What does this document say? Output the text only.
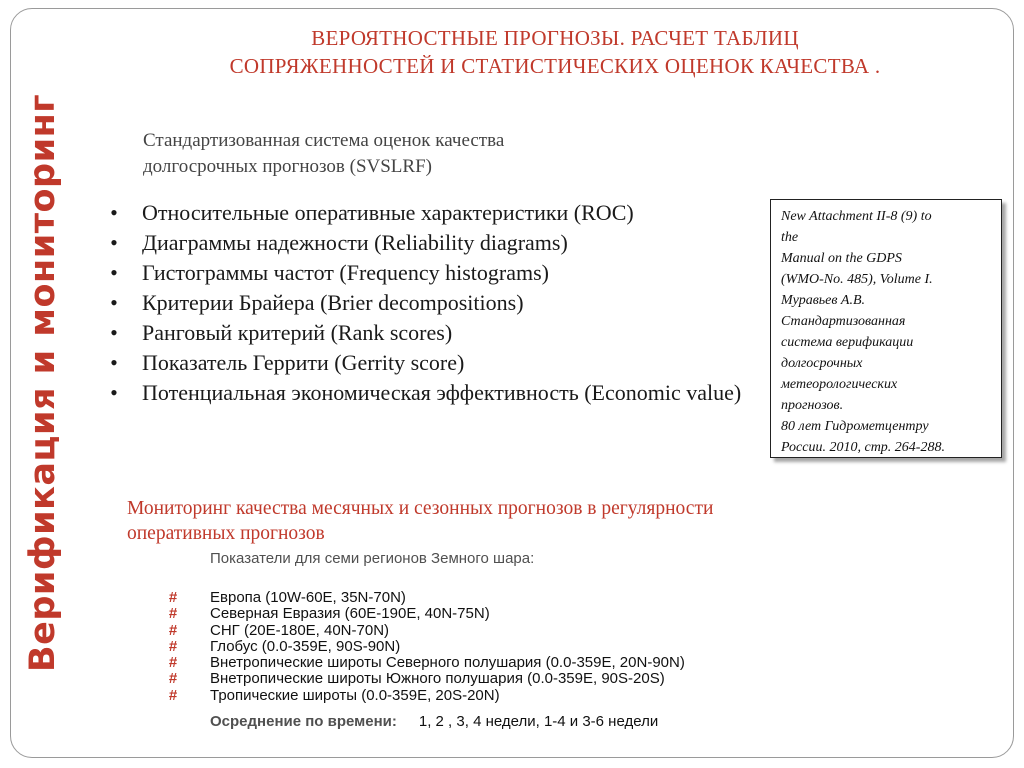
Верификация и мониторинг
ВЕРОЯТНОСТНЫЕ ПРОГНОЗЫ. РАСЧЕТ ТАБЛИЦ
СОПРЯЖЕННОСТЕЙ И СТАТИСТИЧЕСКИХ ОЦЕНОК КАЧЕСТВА .
Стандартизованная система оценок качества
долгосрочных прогнозов (SVSLRF)
• Относительные оперативные характеристики (ROC)
• Диаграммы надежности (Reliability diagrams)
• Гистограммы частот (Frequency histograms)
• Критерии Брайера (Brier decompositions)
• Ранговый критерий (Rank scores)
• Показатель Геррити (Gerrity score)
• Потенциальная экономическая эффективность (Economic value)
New Attachment II-8 (9) to
the
Manual on the GDPS
(WMO-No. 485), Volume I.
Муравьев А.В.
Стандартизованная
система верификации
долгосрочных
метеорологических
прогнозов.
80 лет Гидрометцентру
России. 2010, стр. 264-288.
Мониторинг качества месячных и сезонных прогнозов в регулярности
оперативных прогнозов
Показатели для семи регионов Земного шара:
# Европа (10W-60E, 35N-70N)
# Северная Евразия (60E-190E, 40N-75N)
# СНГ (20E-180E, 40N-70N)
# Глобус (0.0-359E, 90S-90N)
# Внетропические широты Северного полушария (0.0-359E, 20N-90N)
# Внетропические широты Южного полушария (0.0-359E, 90S-20S)
# Тропические широты (0.0-359E, 20S-20N)
Осреднение по времени: 1, 2 , 3, 4 недели, 1-4 и 3-6 недели
